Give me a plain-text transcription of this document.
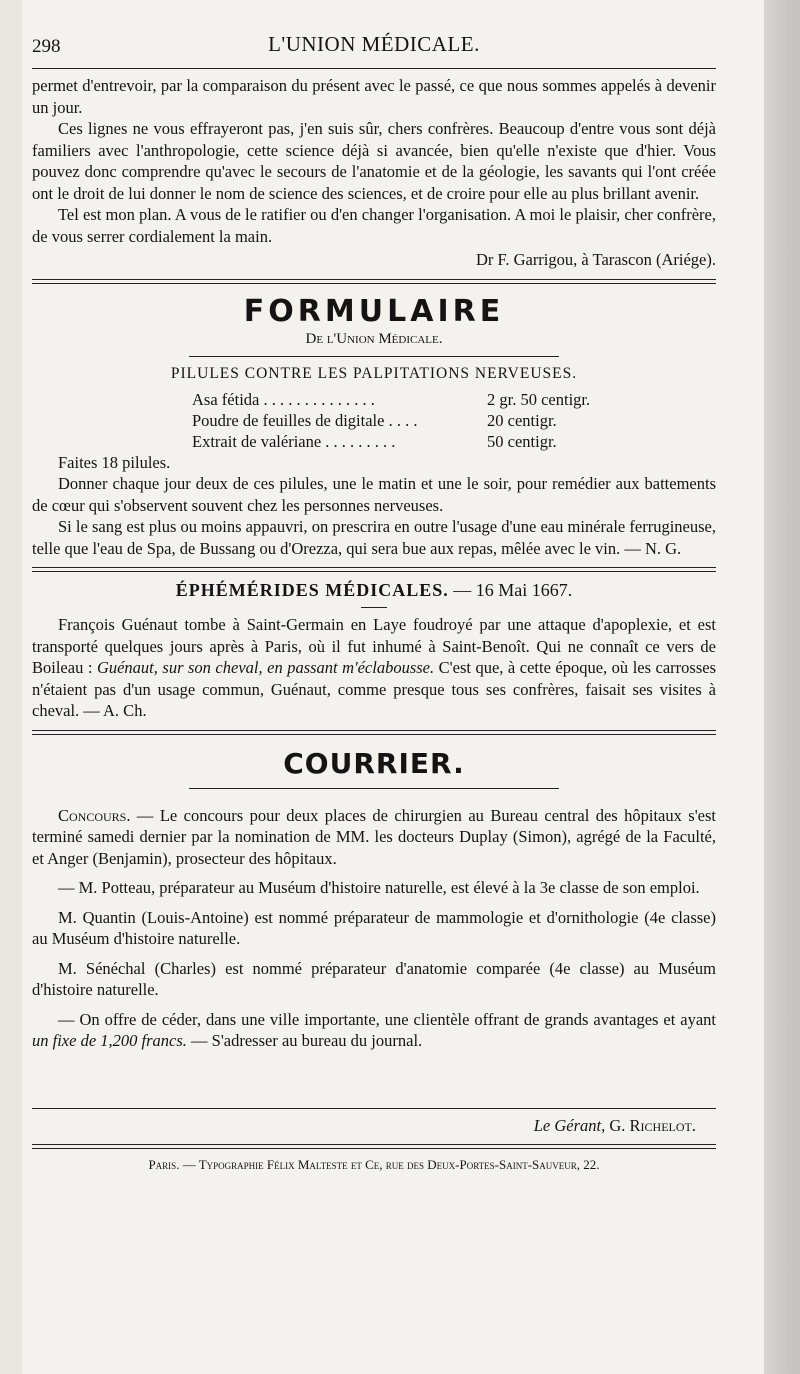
298	L'UNION MÉDICALE.

permet d'entrevoir, par la comparaison du présent avec le passé, ce que nous sommes appelés à devenir un jour.

Ces lignes ne vous effrayeront pas, j'en suis sûr, chers confrères. Beaucoup d'entre vous sont déjà familiers avec l'anthropologie, cette science déjà si avancée, bien qu'elle n'existe que d'hier. Vous pouvez donc comprendre qu'avec le secours de l'anatomie et de la géologie, les savants qui l'ont créée ont le droit de lui donner le nom de science des sciences, et de croire pour elle au plus brillant avenir.

Tel est mon plan. A vous de le ratifier ou d'en changer l'organisation. A moi le plaisir, cher confrère, de vous serrer cordialement la main.

Dr F. Garrigou, à Tarascon (Ariége).

FORMULAIRE
De l'Union Médicale.
PILULES CONTRE LES PALPITATIONS NERVEUSES.
Asa fétida . . . . . . . . . . . . . .	2 gr. 50 centigr.
Poudre de feuilles de digitale . . . .	20 centigr.
Extrait de valériane . . . . . . . . .	50 centigr.

Faites 18 pilules.

Donner chaque jour deux de ces pilules, une le matin et une le soir, pour remédier aux battements de cœur qui s'observent souvent chez les personnes nerveuses.

Si le sang est plus ou moins appauvri, on prescrira en outre l'usage d'une eau minérale ferrugineuse, telle que l'eau de Spa, de Bussang ou d'Orezza, qui sera bue aux repas, mêlée avec le vin. — N. G.

ÉPHÉMÉRIDES MÉDICALES. — 16 Mai 1667.

François Guénaut tombe à Saint-Germain en Laye foudroyé par une attaque d'apoplexie, et est transporté quelques jours après à Paris, où il fut inhumé à Saint-Benoît. Qui ne connaît ce vers de Boileau : Guénaut, sur son cheval, en passant m'éclabousse. C'est que, à cette époque, où les carrosses n'étaient pas d'un usage commun, Guénaut, comme presque tous ses confrères, faisait ses visites à cheval. — A. Ch.

COURRIER.

Concours. — Le concours pour deux places de chirurgien au Bureau central des hôpitaux s'est terminé samedi dernier par la nomination de MM. les docteurs Duplay (Simon), agrégé de la Faculté, et Anger (Benjamin), prosecteur des hôpitaux.

— M. Potteau, préparateur au Muséum d'histoire naturelle, est élevé à la 3e classe de son emploi.

M. Quantin (Louis-Antoine) est nommé préparateur de mammologie et d'ornithologie (4e classe) au Muséum d'histoire naturelle.

M. Sénéchal (Charles) est nommé préparateur d'anatomie comparée (4e classe) au Muséum d'histoire naturelle.

— On offre de céder, dans une ville importante, une clientèle offrant de grands avantages et ayant un fixe de 1,200 francs. — S'adresser au bureau du journal.

Le Gérant, G. Richelot.

Paris. — Typographie Félix Malteste et Ce, rue des Deux-Portes-Saint-Sauveur, 22.
